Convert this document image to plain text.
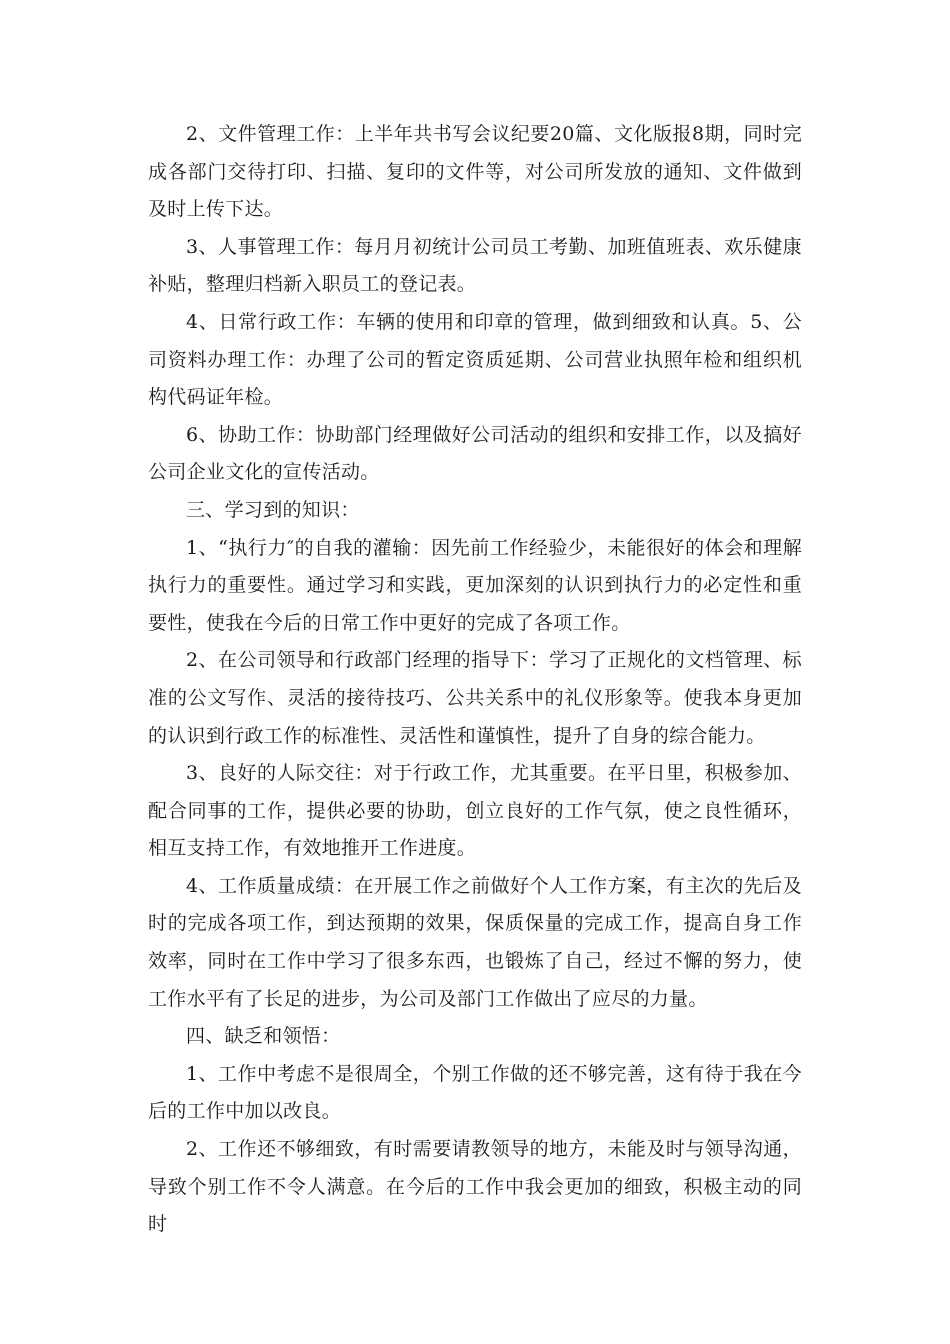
2、文件管理工作：上半年共书写会议纪要20篇、文化版报8期，同时完成各部门交待打印、扫描、复印的文件等，对公司所发放的通知、文件做到及时上传下达。

3、人事管理工作：每月月初统计公司员工考勤、加班值班表、欢乐健康补贴，整理归档新入职员工的登记表。

4、日常行政工作：车辆的使用和印章的管理，做到细致和认真。5、公司资料办理工作：办理了公司的暂定资质延期、公司营业执照年检和组织机构代码证年检。

6、协助工作：协助部门经理做好公司活动的组织和安排工作，以及搞好公司企业文化的宣传活动。

三、学习到的知识：

1、“执行力″的自我的灌输：因先前工作经验少，未能很好的体会和理解执行力的重要性。通过学习和实践，更加深刻的认识到执行力的必定性和重要性，使我在今后的日常工作中更好的完成了各项工作。

2、在公司领导和行政部门经理的指导下：学习了正规化的文档管理、标准的公文写作、灵活的接待技巧、公共关系中的礼仪形象等。使我本身更加的认识到行政工作的标准性、灵活性和谨慎性，提升了自身的综合能力。

3、良好的人际交往：对于行政工作，尤其重要。在平日里，积极参加、配合同事的工作，提供必要的协助，创立良好的工作气氛，使之良性循环，相互支持工作，有效地推开工作进度。

4、工作质量成绩：在开展工作之前做好个人工作方案，有主次的先后及时的完成各项工作，到达预期的效果，保质保量的完成工作，提高自身工作效率，同时在工作中学习了很多东西，也锻炼了自己，经过不懈的努力，使工作水平有了长足的进步，为公司及部门工作做出了应尽的力量。

四、缺乏和领悟：

1、工作中考虑不是很周全，个别工作做的还不够完善，这有待于我在今后的工作中加以改良。

2、工作还不够细致，有时需要请教领导的地方，未能及时与领导沟通，导致个别工作不令人满意。在今后的工作中我会更加的细致，积极主动的同时
